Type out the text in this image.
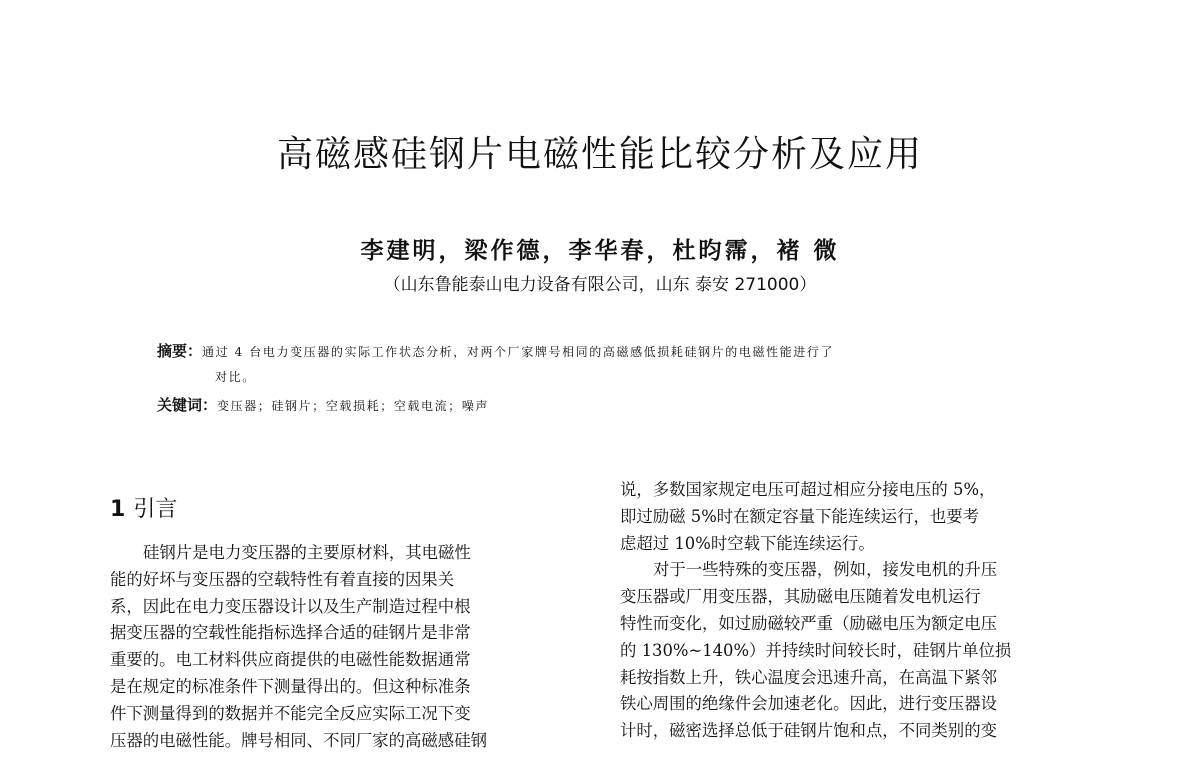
高磁感硅钢片电磁性能比较分析及应用
李建明，梁作德，李华春，杜昀霈，褚 微
（山东鲁能泰山电力设备有限公司，山东 泰安 271000）
摘要：通过 4 台电力变压器的实际工作状态分析，对两个厂家牌号相同的高磁感低损耗硅钢片的电磁性能进行了
对比。
关键词：变压器；硅钢片；空载损耗；空载电流；噪声
1 引言
硅钢片是电力变压器的主要原材料，其电磁性
能的好坏与变压器的空载特性有着直接的因果关
系，因此在电力变压器设计以及生产制造过程中根
据变压器的空载性能指标选择合适的硅钢片是非常
重要的。电工材料供应商提供的电磁性能数据通常
是在规定的标准条件下测量得出的。但这种标准条
件下测量得到的数据并不能完全反应实际工况下变
压器的电磁性能。牌号相同、不同厂家的高磁感硅钢
说，多数国家规定电压可超过相应分接电压的 5%，
即过励磁 5%时在额定容量下能连续运行，也要考
虑超过 10%时空载下能连续运行。
对于一些特殊的变压器，例如，接发电机的升压
变压器或厂用变压器，其励磁电压随着发电机运行
特性而变化，如过励磁较严重（励磁电压为额定电压
的 130%~140%）并持续时间较长时，硅钢片单位损
耗按指数上升，铁心温度会迅速升高，在高温下紧邻
铁心周围的绝缘件会加速老化。因此，进行变压器设
计时，磁密选择总低于硅钢片饱和点，不同类别的变
